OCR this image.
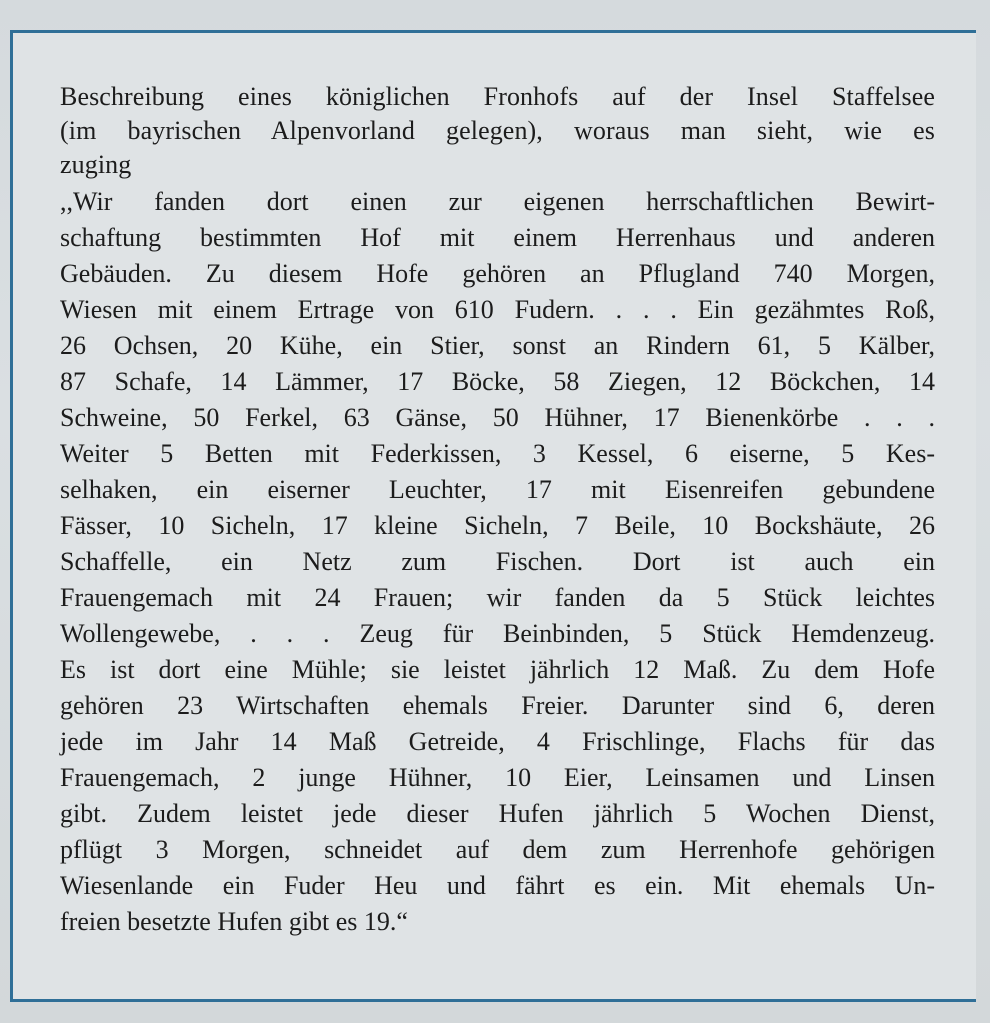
Beschreibung eines königlichen Fronhofs auf der Insel Staffelsee
(im bayrischen Alpenvorland gelegen), woraus man sieht, wie es
zuging
,,Wir fanden dort einen zur eigenen herrschaftlichen Bewirt-
schaftung bestimmten Hof mit einem Herrenhaus und anderen
Gebäuden. Zu diesem Hofe gehören an Pflugland 740 Morgen,
Wiesen mit einem Ertrage von 610 Fudern. . . . Ein gezähmtes Roß,
26 Ochsen, 20 Kühe, ein Stier, sonst an Rindern 61, 5 Kälber,
87 Schafe, 14 Lämmer, 17 Böcke, 58 Ziegen, 12 Böckchen, 14
Schweine, 50 Ferkel, 63 Gänse, 50 Hühner, 17 Bienenkörbe . . .
Weiter 5 Betten mit Federkissen, 3 Kessel, 6 eiserne, 5 Kes-
selhaken, ein eiserner Leuchter, 17 mit Eisenreifen gebundene
Fässer, 10 Sicheln, 17 kleine Sicheln, 7 Beile, 10 Bockshäute, 26
Schaffelle, ein Netz zum Fischen. Dort ist auch ein
Frauengemach mit 24 Frauen; wir fanden da 5 Stück leichtes
Wollengewebe, . . . Zeug für Beinbinden, 5 Stück Hemdenzeug.
Es ist dort eine Mühle; sie leistet jährlich 12 Maß. Zu dem Hofe
gehören 23 Wirtschaften ehemals Freier. Darunter sind 6, deren
jede im Jahr 14 Maß Getreide, 4 Frischlinge, Flachs für das
Frauengemach, 2 junge Hühner, 10 Eier, Leinsamen und Linsen
gibt. Zudem leistet jede dieser Hufen jährlich 5 Wochen Dienst,
pflügt 3 Morgen, schneidet auf dem zum Herrenhofe gehörigen
Wiesenlande ein Fuder Heu und fährt es ein. Mit ehemals Un-
freien besetzte Hufen gibt es 19.“
